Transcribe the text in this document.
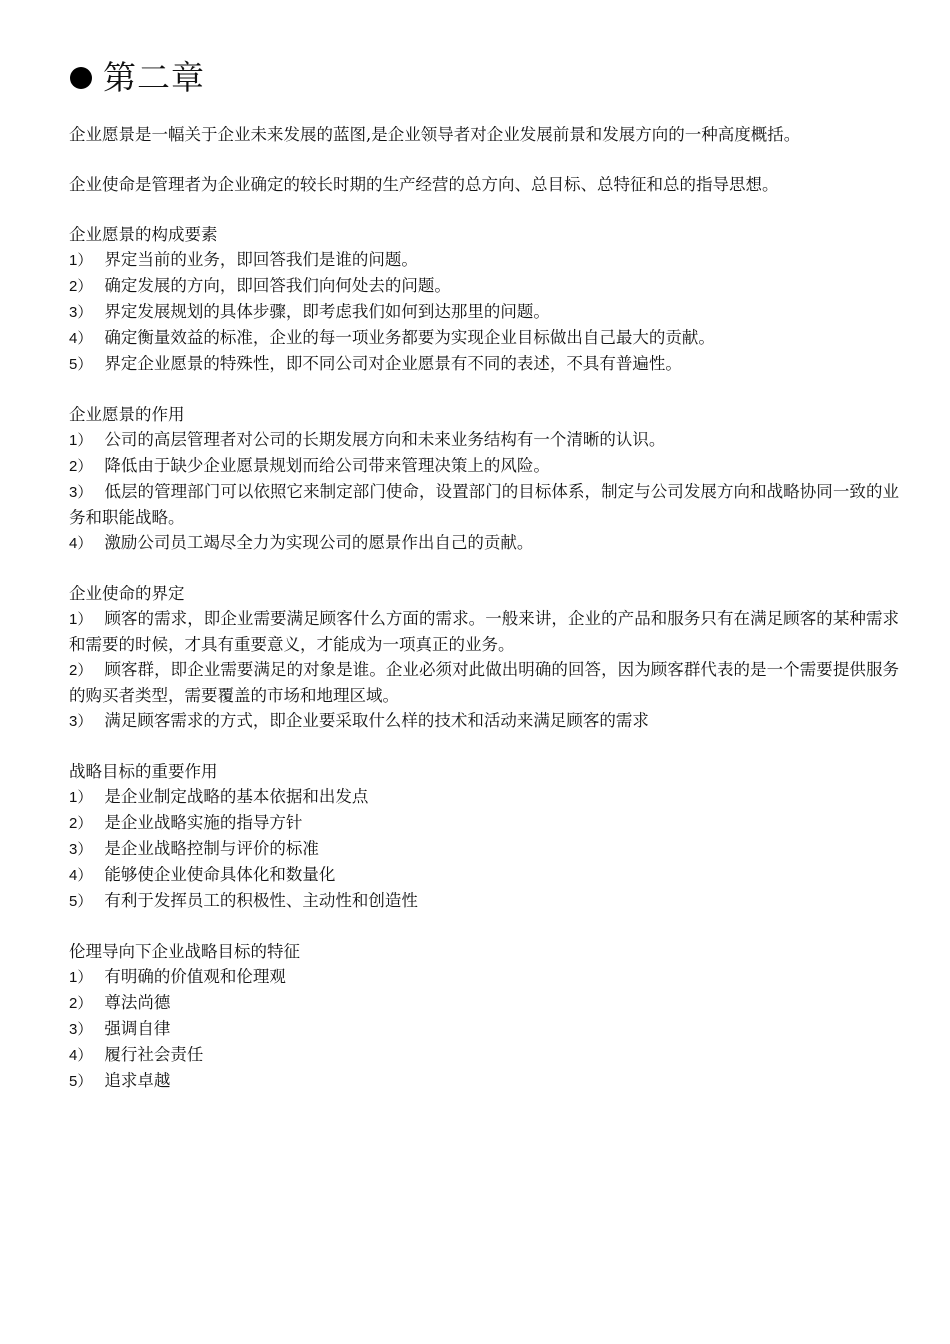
第二章

企业愿景是一幅关于企业未来发展的蓝图,是企业领导者对企业发展前景和发展方向的一种高度概括。

企业使命是管理者为企业确定的较长时期的生产经营的总方向、总目标、总特征和总的指导思想。

企业愿景的构成要素

1） 界定当前的业务，即回答我们是谁的问题。

2） 确定发展的方向，即回答我们向何处去的问题。

3） 界定发展规划的具体步骤，即考虑我们如何到达那里的问题。

4） 确定衡量效益的标准，企业的每一项业务都要为实现企业目标做出自己最大的贡献。

5） 界定企业愿景的特殊性，即不同公司对企业愿景有不同的表述，不具有普遍性。

企业愿景的作用

1） 公司的高层管理者对公司的长期发展方向和未来业务结构有一个清晰的认识。

2） 降低由于缺少企业愿景规划而给公司带来管理决策上的风险。

3） 低层的管理部门可以依照它来制定部门使命，设置部门的目标体系，制定与公司发展方向和战略协同一致的业务和职能战略。

4） 激励公司员工竭尽全力为实现公司的愿景作出自己的贡献。

企业使命的界定

1） 顾客的需求，即企业需要满足顾客什么方面的需求。一般来讲，企业的产品和服务只有在满足顾客的某种需求和需要的时候，才具有重要意义，才能成为一项真正的业务。

2） 顾客群，即企业需要满足的对象是谁。企业必须对此做出明确的回答，因为顾客群代表的是一个需要提供服务的购买者类型，需要覆盖的市场和地理区域。

3） 满足顾客需求的方式，即企业要采取什么样的技术和活动来满足顾客的需求

战略目标的重要作用

1） 是企业制定战略的基本依据和出发点

2） 是企业战略实施的指导方针

3） 是企业战略控制与评价的标准

4） 能够使企业使命具体化和数量化

5） 有利于发挥员工的积极性、主动性和创造性

伦理导向下企业战略目标的特征

1） 有明确的价值观和伦理观

2） 尊法尚德

3） 强调自律

4） 履行社会责任

5） 追求卓越
